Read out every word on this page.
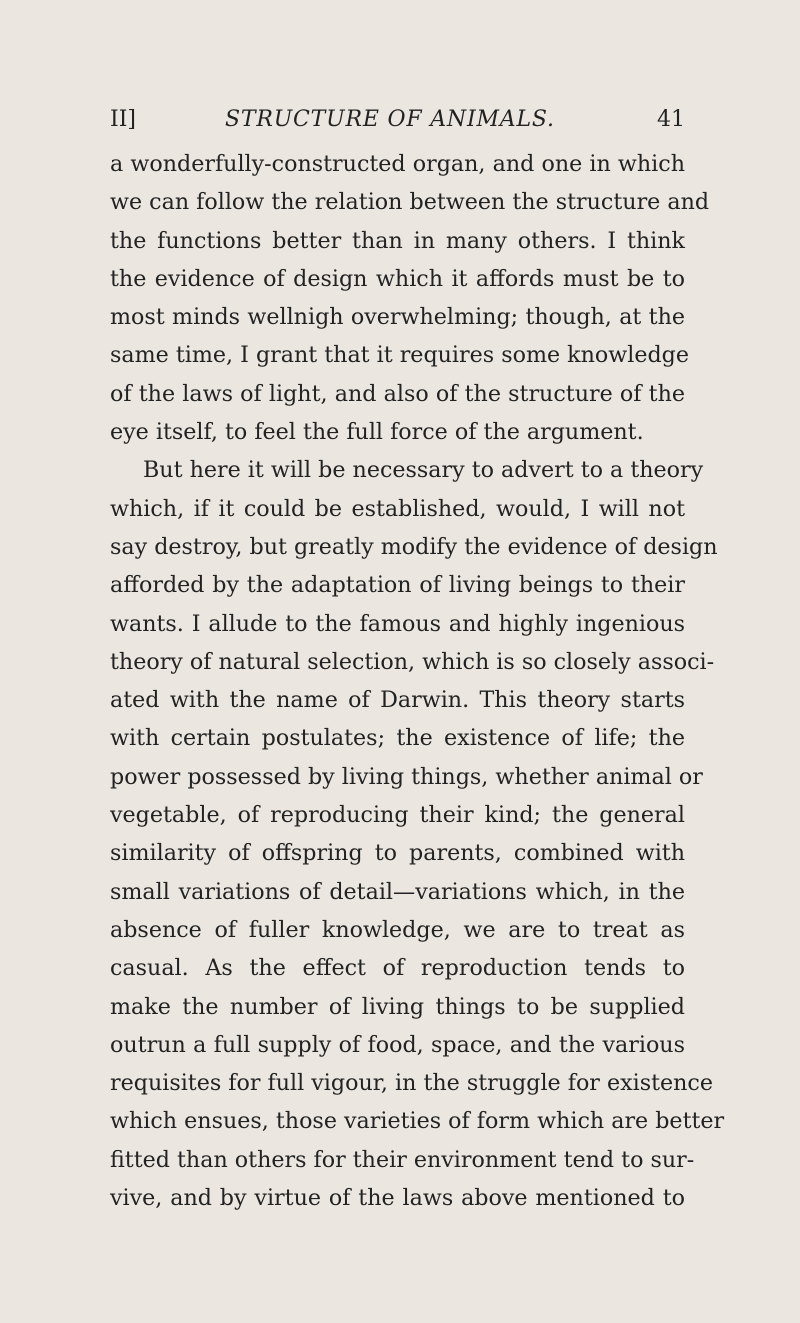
II]	STRUCTURE OF ANIMALS.	41
a wonderfully-constructed organ, and one in which
we can follow the relation between the structure and
the functions better than in many others. I think
the evidence of design which it affords must be to
most minds wellnigh overwhelming; though, at the
same time, I grant that it requires some knowledge
of the laws of light, and also of the structure of the
eye itself, to feel the full force of the argument.
But here it will be necessary to advert to a theory
which, if it could be established, would, I will not
say destroy, but greatly modify the evidence of design
afforded by the adaptation of living beings to their
wants. I allude to the famous and highly ingenious
theory of natural selection, which is so closely associ-
ated with the name of Darwin. This theory starts
with certain postulates; the existence of life; the
power possessed by living things, whether animal or
vegetable, of reproducing their kind; the general
similarity of offspring to parents, combined with
small variations of detail—variations which, in the
absence of fuller knowledge, we are to treat as
casual. As the effect of reproduction tends to
make the number of living things to be supplied
outrun a full supply of food, space, and the various
requisites for full vigour, in the struggle for existence
which ensues, those varieties of form which are better
fitted than others for their environment tend to sur-
vive, and by virtue of the laws above mentioned to
